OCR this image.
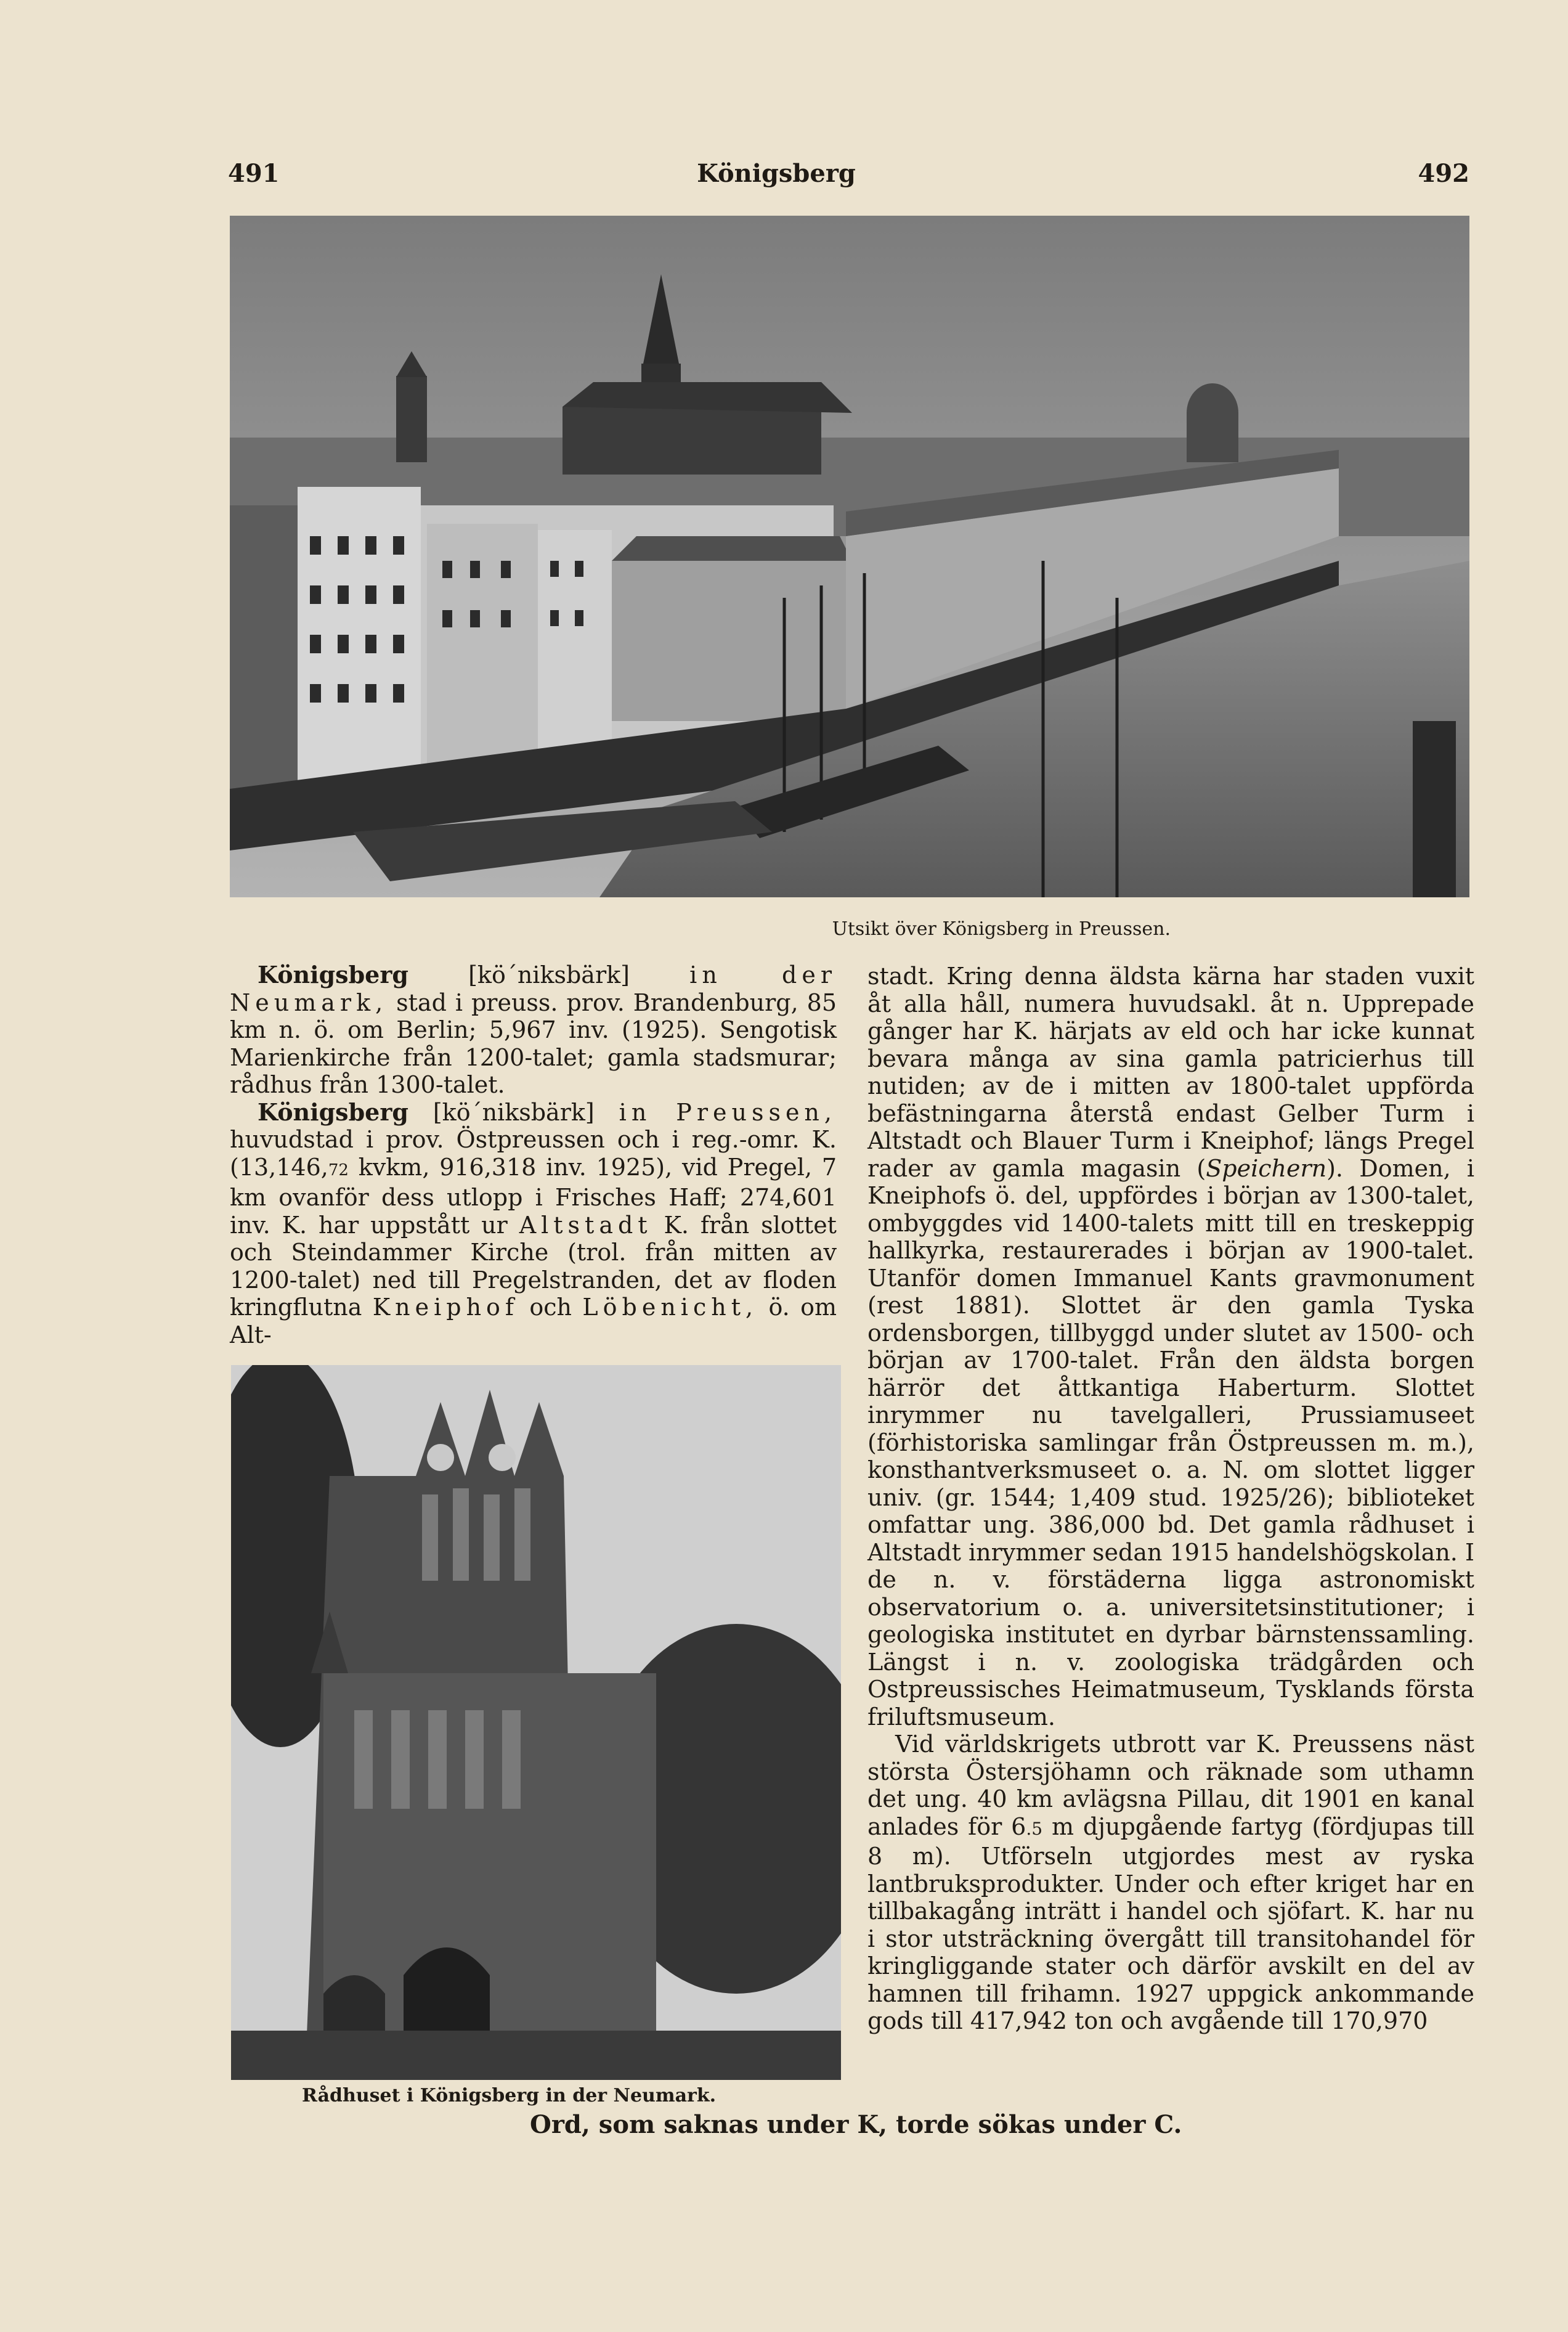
491	Königsberg	492
Utsikt över Königsberg in Preussen.

Königsberg	[kö´niksbärk]	in	der Neumark, stad i preuss. prov. Brandenburg, 85 km n. ö. om Berlin; 5,967 inv. (1925). Sengotisk Marienkirche från 1200-talet; gamla stadsmurar; rådhus från 1300-talet.

Königsberg [kö´niksbärk] in Preussen, huvudstad i prov. Östpreussen och i reg.-omr. K. (13,146,72 kvkm, 916,318 inv. 1925), vid Pregel, 7 km ovanför dess utlopp i Frisches Haff; 274,601 inv. K. har uppstått ur Altstadt K. från slottet och Steindammer Kirche (trol. från mitten av 1200-talet) ned till Pregelstranden, det av floden kringflutna Kneiphof och Löbenicht, ö. om Alt-

Rådhuset i Königsberg in der Neumark.

stadt. Kring denna äldsta kärna har staden vuxit åt alla håll, numera huvudsakl. åt n. Upprepade gånger har K. härjats av eld och har icke kunnat bevara många av sina gamla patricierhus till nutiden; av de i mitten av 1800-talet uppförda befästningarna återstå endast Gelber Turm i Altstadt och Blauer Turm i Kneiphof; längs Pregel rader av gamla magasin (Speichern). Domen, i Kneiphofs ö. del, uppfördes i början av 1300-talet, ombyggdes vid 1400-talets mitt till en treskeppig hallkyrka, restaurerades i början av 1900-talet. Utanför domen Immanuel Kants gravmonument (rest 1881). Slottet är den gamla Tyska ordensborgen, tillbyggd under slutet av 1500- och början av 1700-talet. Från den äldsta borgen härrör det åttkantiga Haberturm. Slottet inrymmer nu tavelgalleri, Prussiamuseet (förhistoriska samlingar från Östpreussen m. m.), konsthantverksmuseet o. a. N. om slottet ligger univ. (gr. 1544; 1,409 stud. 1925/26); biblioteket omfattar ung. 386,000 bd. Det gamla rådhuset i Altstadt inrymmer sedan 1915 handelshögskolan. I de n. v. förstäderna ligga astronomiskt observatorium o. a. universitetsinstitutioner; i geologiska institutet en dyrbar bärnstenssamling. Längst i n. v. zoologiska trädgården och Ostpreussisches Heimatmuseum, Tysklands första friluftsmuseum.

Vid världskrigets utbrott var K. Preussens näst största Östersjöhamn och räknade som uthamn det ung. 40 km avlägsna Pillau, dit 1901 en kanal anlades för 6.5 m djupgående fartyg (fördjupas till 8 m). Utförseln utgjordes mest av ryska lantbruksprodukter. Under och efter kriget har en tillbakagång inträtt i handel och sjöfart. K. har nu i stor utsträckning övergått till transitohandel för kringliggande stater och därför avskilt en del av hamnen till frihamn. 1927 uppgick ankommande gods till 417,942 ton och avgående till 170,970

Ord, som saknas under K, torde sökas under C.
